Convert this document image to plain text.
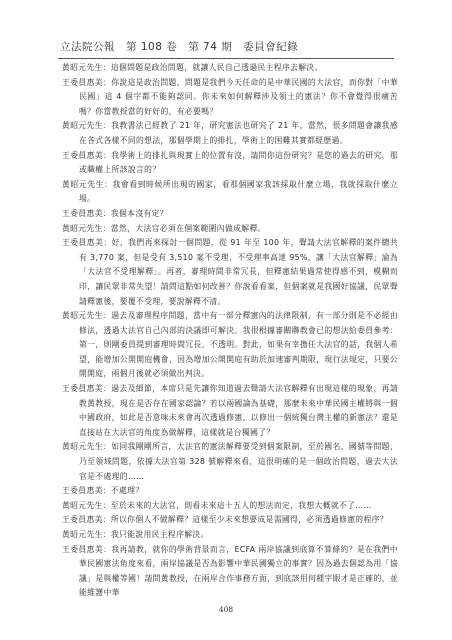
立法院公報　第 108 卷　第 74 期　委員會紀錄

黃昭元先生：這個問題是政治問題，就讓人民自己透過民主程序去解決。

王委員惠美：你說這是政治問題，問題是我們今天任命的是中華民國的大法官，而你對「中華民國」這 4 個字都不能夠認同。你未來如何解釋涉及領土的憲法？你不會覺得很痛苦嗎？你當教授當的好好的，有必要嗎？

黃昭元先生：我教書法已經教了 21 年，研究憲法也研究了 21 年，當然，很多問題會讓我感在各式各樣不同的想法，那個學期上的排扎，學術上的困難其實都經歷過。

王委員惠美：我學術上的排扎與現實上的位置有沒，請問你這份研究？是您的過去的研究，那或職權上所該說言的？

黃昭元先生：我會看到時候所出現的國家，看那個國家我該採取什麼立場，我就採取什麼立場。

王委員惠美：我個本沒有定？

黃昭元先生：當然，大法官必須在個案範圍內做成解釋。

王委員惠美：好，我們再來探討一個問題，從 91 年至 100 年，聲請大法官解釋的案件總共有 3,770 案，但是受有 3,510 案不受理，不受理率高達 95%，讓「大法官解釋」淪為「大法官不受理解釋」。再者，審理時間非常冗長，但釋憲結果過常使得感不到，模糊而印，讓民眾非常失望！請問這點如何改善？你說看看案，但個案就是我國好協議，民眾聲請釋憲後，要覆不受理，要說解釋不清。

黃昭元先生：過去及審理程序問題，當中有一部分釋憲內的法律限制，有一部分則是不必經由修法，透過大法官自己內部的決議即可解決。我很根據審關聯教會已的想法給委員參考：第一，則剛委員提到審理時間冗長，不透明。對此，如果有幸擔任大法官的話，我個人希望，能增加公開開庭機會，因為增加公開開庭有助於加速審判期限，現行法規定，只要公開開庭，兩個月後就必須做出判決。

王委員惠美：過去及細節，本席只是先讓你知道過去聲請大法官解釋有出現這樣的現象，再請教黃教授，現在是否存在國家認論？若以兩國論為基礎，那麼未來中華民國主權將與一個中國政府，如此是否意味未來會再次透過修憲，以修出一個統獨台灣主權的新憲法？還是直接站在大法官的角度為做解釋，這樣就是台獨國了？

黃昭元先生：如同我剛剛所言，大法官的憲法解釋要受到個案限制，至於國名、國號等問題，乃至領域問題，依據大法官第 328 號解釋來看，這很明確的是一個政治問題，過去大法官是不處理的……

王委員惠美：不處理？

黃昭元先生：至於未來的大法官，則看未來這十五人的想法而定，我想大概就不了……

王委員惠美：所以你個人不做解釋？這樣至少未來想要成是需國得，必須透過修憲的程序？

黃昭元先生：我只能說用民主程序解決。

王委員惠美：我再請教，就你的學術背景而言，ECFA 兩岸協議到底算不算條約？是在我們中華民國憲法角度來看，兩岸協議是否為影響中華民國獨立的事實？因為過去個認為用「協議」是與權等國！請問黃教授，在兩岸合作事務方面，到底該用何種字眼才是正確的，並能維護中華

408
